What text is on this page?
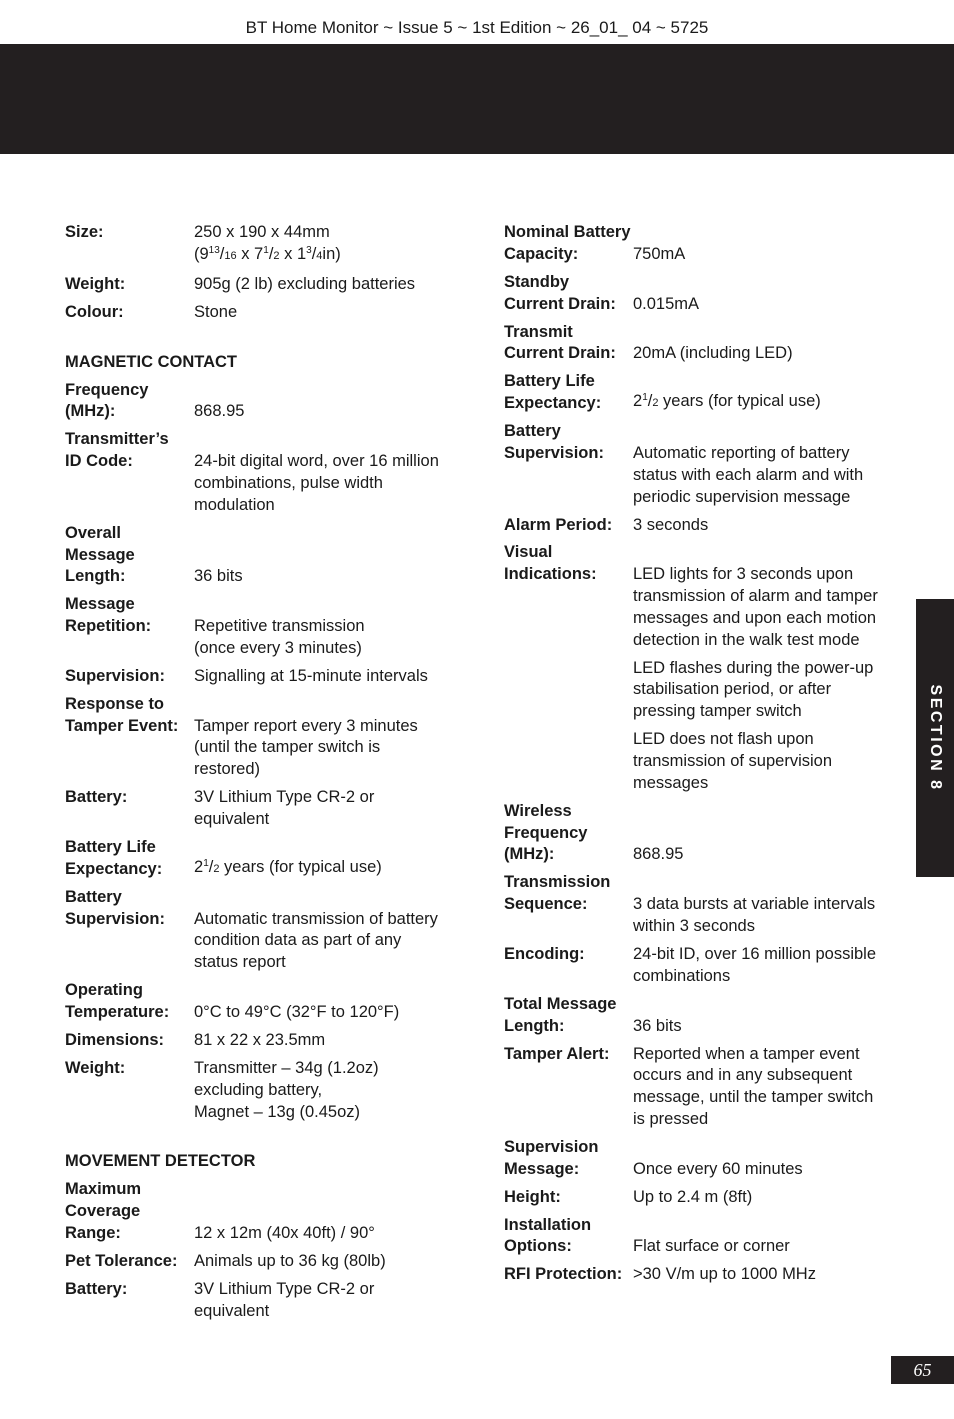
BT Home Monitor ~ Issue 5 ~ 1st Edition ~ 26_01_ 04 ~ 5725
Size:	250 x 190 x 44mm
($9^{13}/16$ x $7^1/2$ x $1^3/4in$)
Weight:	905g (2 lb) excluding batteries
Colour:	Stone
MAGNETIC CONTACT
Frequency
(MHz):	868.95
Transmitter’s
ID Code:
	24-bit digital word, over 16 million
combinations, pulse width
modulation
Overall Message
Length:	36 bits
Message
Repetition:
	Repetitive transmission
(once every 3 minutes)
Supervision:	Signalling at 15-minute intervals
Response to
Tamper Event:
Tamper report every 3 minutes
(until the tamper switch is
restored)
Battery:	3V Lithium Type CR-2 or
equivalent
Battery Life
Expectancy:	$2^1/2$ years (for typical use)
Battery
Supervision:
	Automatic transmission of battery
condition data as part of any
status report
Operating
Temperature:	0°C to 49°C (32°F to 120°F)
Dimensions:	81 x 22 x 23.5mm
Weight:	Transmitter – 34g (1.2oz)
excluding battery,
Magnet – 13g (0.45oz)
MOVEMENT DETECTOR
Maximum
Coverage
Range:	12 x 12m (40x 40ft) / 90°
Pet Tolerance:	Animals up to 36 kg (80lb)
Battery:	3V Lithium Type CR-2 or
equivalent
Nominal Battery
Capacity:	750mA
Standby
Current Drain:	0.015mA
Transmit
Current Drain:	20mA (including LED)
Battery Life
Expectancy:	$2^1/2$ years (for typical use)
Battery
Supervision:
	Automatic reporting of battery
status with each alarm and with
periodic supervision message
Alarm Period:	3 seconds
Visual
Indications:
	LED lights for 3 seconds upon
transmission of alarm and tamper
messages and upon each motion
detection in the walk test mode
LED flashes during the power-up
stabilisation period, or after
pressing tamper switch
LED does not flash upon
transmission of supervision
messages
Wireless
Frequency
(MHz):	868.95
Transmission
Sequence:
	3 data bursts at variable intervals
within 3 seconds
Encoding:	24-bit ID, over 16 million possible
combinations
Total Message
Length:	36 bits
Tamper Alert:	Reported when a tamper event
occurs and in any subsequent
message, until the tamper switch
is pressed
Supervision
Message:	Once every 60 minutes
Height:	Up to 2.4 m (8ft)
Installation
Options:	Flat surface or corner
RFI Protection: >30 V/m up to 1000 MHz
SECTION 8
65
